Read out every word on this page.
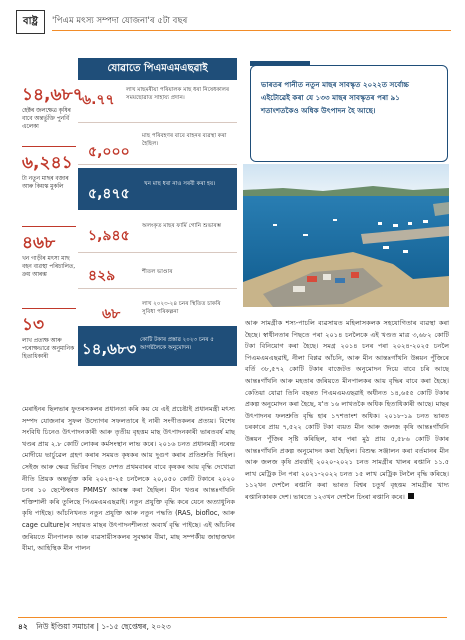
বাষ্ট্ৰ	'পিএম মৎস্য সম্পদা যোজনা'ৰ ৫টা বছৰ
যোৱাতে পিএমএমএছৱাই
১৪,৬৮৭
হেক্টৰ জলক্ষেত্ৰ কৃষিৰ বাবে অন্তৰ্ভুক্তি পুনৰ্বি এলেকা
৬,২৪১
টা নতুন মাছৰ বজাৰ আৰু কিয়স্ক মুকলি
৪৬৮
খন গাড়ীৰ মৎস্য মাছ বহন ব্যৱস্থা পৰিচালিত, ক্ৰয় আৰম্ভ
১৩
লাখ প্ৰত্যক্ষ আৰু পৰোক্ষভাৱে অনুমানিক হিতাধিকাৰী
৬.৭৭
লাখ মাছমৰীয়া পৰিয়ালক মাছ ধৰা নিষেধকালৰ সময়ছোৱাত সাহায্য প্ৰদান।
৫,০০০
মাছ পৰিবহণৰ বাবে বাহনৰ ব্যৱস্থা কৰা হৈছিল।
৫,৪৭৫
খন মাছ ধৰা নাও সৰবী কৰা হয়।
১,৯৪৫
অলংকৃত মাছৰ ফাৰ্মি গোনি শুভাৰম্ভ
৪২৯	শীতল ভাণ্ডাৰ
৬৮
লাখ ২০২৩-২৪ চনৰ স্থিতিত চাকৰি সুবিধা পৰিকল্পনা
১৪,৬৮৩ কোটি টকাৰ প্ৰস্তাৱ ২০২৩ চনৰ ৫ আগষ্টলৈকে অনুমোদন।

ভাৰতৰ পানীত নতুন মাছৰ সাবস্কৃত ২০২২ত সৰ্বোচ্চ এইটোৱেই কৰা যে ১৩৩ মাছৰ সাবস্কৃতৰ পৰা ৯১ শতাংশতকৈও অধিক উৎপাদন হৈ আছে।

মেৰাইনৰ ছিলভাৰ ফুতৰসকলৰ প্ৰধানতা কৰি কয় যে এই প্ৰচেষ্টাই প্ৰধানমন্ত্ৰী মৎস্য সম্পদ যোজনাৰ সুফল উদ্যোগৰ সফলতাৰে ই নাৰী সংগীতকলৰ প্ৰত্যয়। বিশেষ সংবিধি চিনেও উৎপাদনকাৰী আৰু তৃতীয় বৃহত্তম মাছ উৎপাদনকাৰী ভাৰতবৰ্ষ মাছ খণ্ডৰ প্ৰায় ২.৮ কোটি লোকৰ কৰ্মসংস্থান লাভ কৰে। ২০১৬ চনত প্ৰধানমন্ত্ৰী নৰেন্দ্ৰ মোদীয়ে ভাৰ্চুৱেল গ্ৰহণ কৰাৰ সময়ত কৃষকৰ আয় দুগুণ কৰাৰ প্ৰতিশ্ৰুতি দিছিল। সেইজ আৰু ক্ষেত্ৰ ভিত্তিৰ পিছত দেশত প্ৰথমবাৰৰ বাবে কৃষকৰ আয় বৃদ্ধি দেখোৱা নীতি প্ৰিয়ক অন্তৰ্ভুক্ত কৰি ২০২৪-২৫ চনলৈকে ২০,০৫০ কোটি টকাৰে ২০২০ চনৰ ১০ ছেপ্টেম্বৰত PMMSY আৰম্ভ কৰা হৈছিল। মীন খণ্ডৰ আন্তঃগাঁথনি শক্তিশালী কৰি তুলিছে পিএমএমএছৱাই। নতুন প্ৰযুক্তি বৃদ্ধি কৰে যেনে অত্যাধুনিক কৃষি পাইছে। আঁচনিখনত নতুন প্ৰযুক্তি আৰু নতুন পদ্ধতি (RAS, biofloc, আৰু cage culture)ৰ সহায়ত মাছৰ উৎপাদনশীলতা অব্যৰ্থ বৃদ্ধি পাইছে। এই আঁচনিৰ জৰিয়তে মীনপালক আৰু ব্যৱসায়ীসকলৰ সুবক্ষাৰ বীমা, মাছ সম্পৰ্কীয় জাহাজখন বীমা, আহিস্থিক মীন পালন
আৰু সামগ্ৰীক শস্য-পাচলি ব্যৱসায়ত মহিলাসকলক সহযোগিতাৰ ব্যৱস্থা কৰা হৈছে। স্বাধীনতাৰ পিছতে পৰা ২০১৪ চনলৈকে এই খণ্ডত মাত্ৰ ৩,৬৮২ কোটি টকা বিনিয়োগ কৰা হৈছে। সমগ্ৰ ২০১৪ চনৰ পৰা ২০২৪-২০২৫ চনলৈ পিএমএমএছৱাই, নীলা বিপ্লৱ আঁচনি, আৰু মীন আন্তঃগাঁথনি উন্নয়ন পুঁজিৰে বৰ্তি ৩৮,৫৭২ কোটি টকাৰ বাজেটত অনুমোদন দিয়ে বাবে চৰি আছে আন্তঃগাঁথনি আৰু মহতাৰ জৰিয়তে মীনপালকৰ আয় বৃদ্ধিৰ বাবে কৰা হৈছে। কেতিয়া যোৱা তিনি বছৰত পিএমএমএছৱাই অধীনত ১৪,৬৫৫ কোটি টকাৰ প্ৰকল্প অনুমোদন কৰা হৈছে, য'ত ১৬ লাখতকৈ অধিক হিতাধিকাৰী আছে। মাছৰ উৎপাদনৰ ফলশ্ৰুতি বৃদ্ধি হাৰ ১৭শতাংশ অধিক। ২০১৮-১৯ চনত ভাৰত চৰকাৰে প্ৰায় ৭,৫২২ কোটি টকা ব্যয়ত মীন আৰু জলজ কৃষি আন্তঃগাঁথনি উন্নয়ন পুঁজিৰ সৃষ্টি কৰিছিল, যাৰ পৰা মুঠ প্ৰায় ৫,৫৮৬ কোটি টকাৰ আন্তঃগাঁথনি প্ৰকল্প অনুমোদন কৰা হৈছিল। বিশুদ্ধ সঞ্জালন কৰা বৰ্তমানৰ মীন আৰু জলজ কৃষি প্ৰবৰ্ত্তাই ২০২০-২০২১ চনত সামগ্ৰীৰ খালৰ ৰপ্তানি ১১.৫ লাখ মেট্ৰিক টন পৰা ২০২১-২০২২ চনত ১৫ লাখ মেট্ৰিক টনলৈ বৃদ্ধি কৰিছে। ১১২খন দেশলৈ ৰপ্তানি কৰা ভাৰত বিশ্বৰ চতুৰ্থ বৃহত্তম সামগ্ৰীৰ খাদ্য ৰপ্তানিকাৰক দেশ। ভাৰতে ১২৩খন দেশলৈ চিংৰা ৰপ্তানি কৰে।
৪২ নিউ ইণ্ডিয়া সমাচাৰ | ১-১৫ ছেপ্তেম্বৰ, ২০২৩
